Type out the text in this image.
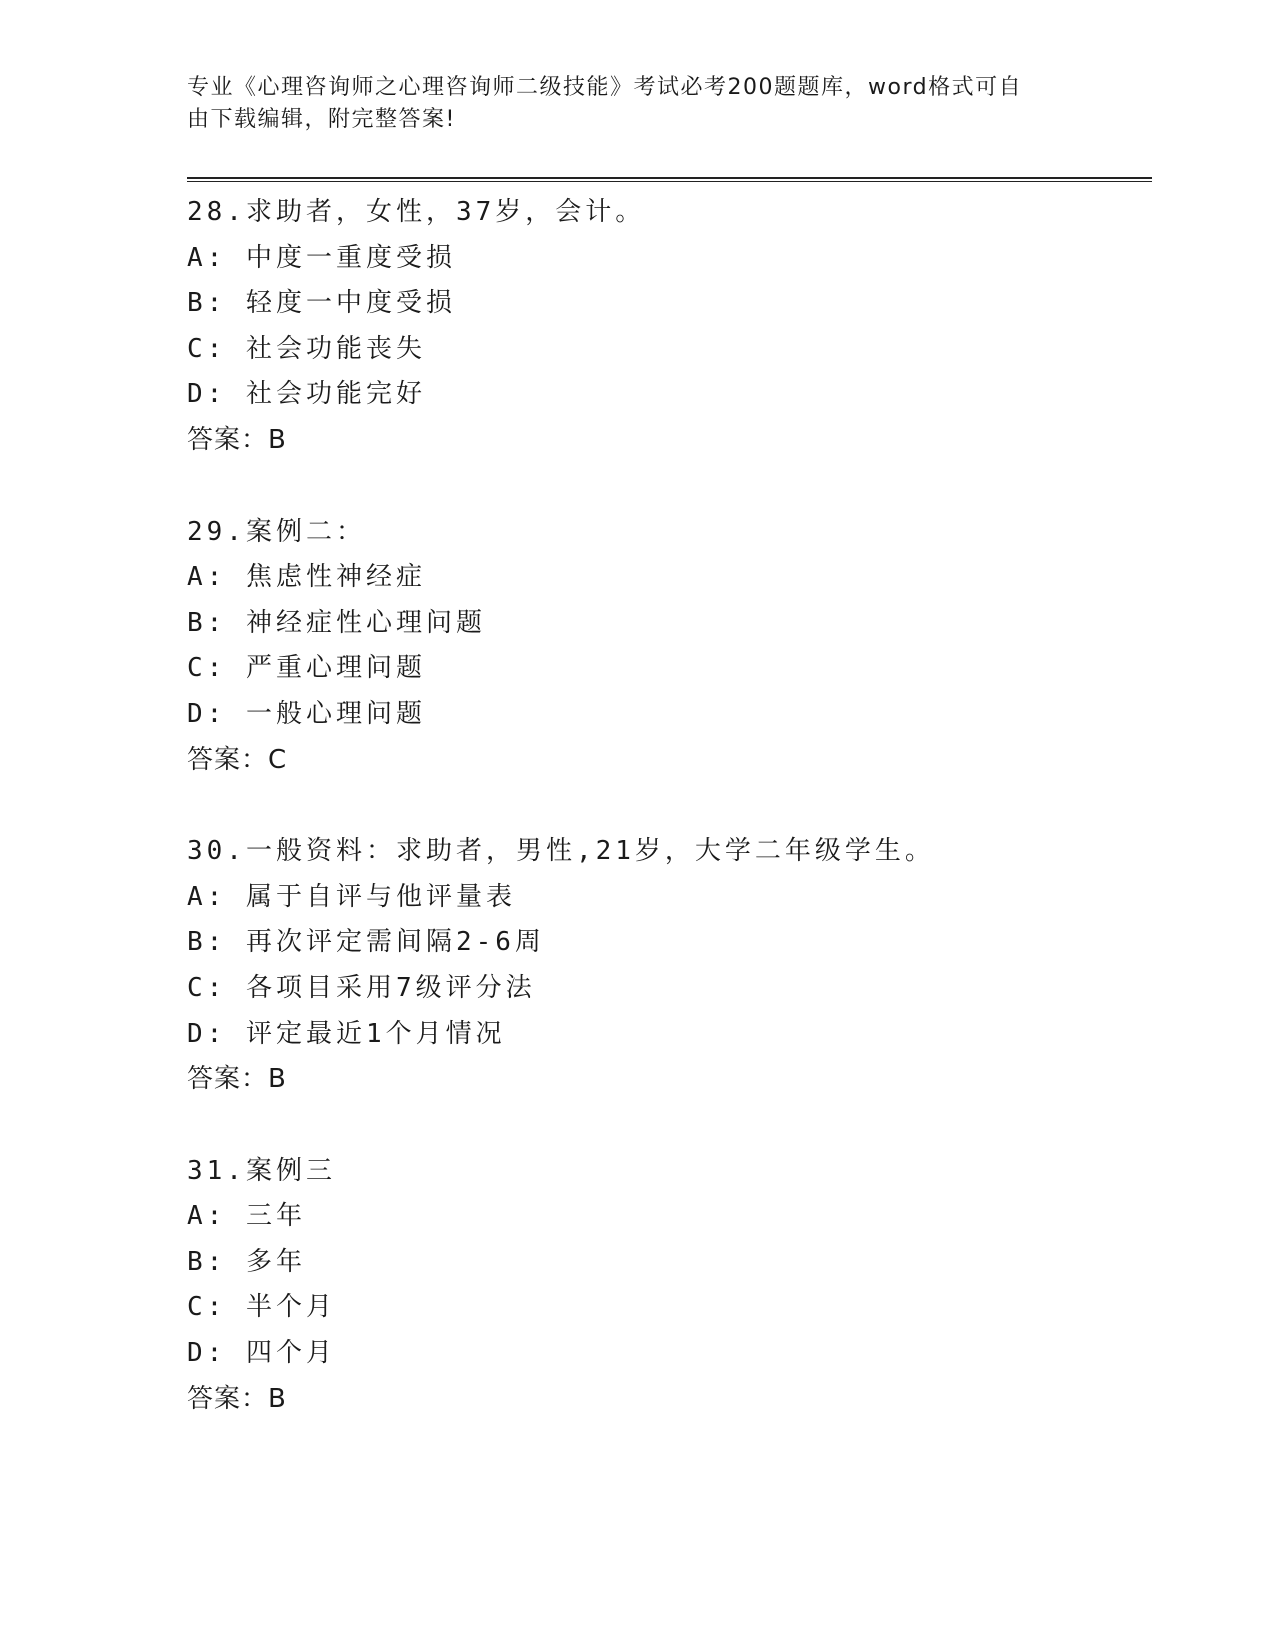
专业《心理咨询师之心理咨询师二级技能》考试必考200题题库，word格式可自
由下载编辑，附完整答案!
28.求助者，女性，37岁，会计。
A: 中度一重度受损
B: 轻度一中度受损
C: 社会功能丧失
D: 社会功能完好
答案：B
29.案例二：
A: 焦虑性神经症
B: 神经症性心理问题
C: 严重心理问题
D: 一般心理问题
答案：C
30.一般资料：求助者，男性,21岁，大学二年级学生。
A: 属于自评与他评量表
B: 再次评定需间隔2-6周
C: 各项目采用7级评分法
D: 评定最近1个月情况
答案：B
31.案例三
A: 三年
B: 多年
C: 半个月
D: 四个月
答案：B
